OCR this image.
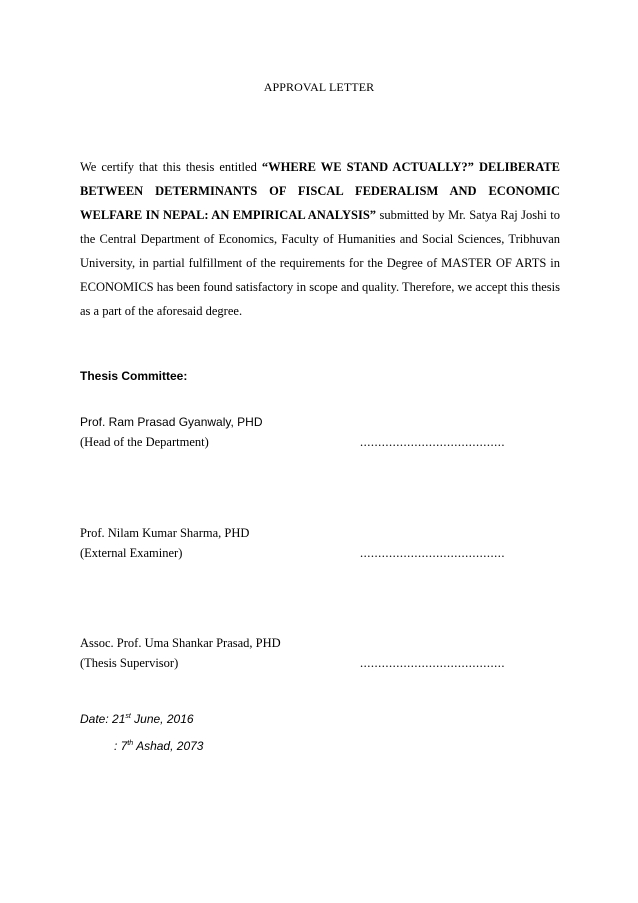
APPROVAL LETTER
We certify that this thesis entitled “WHERE WE STAND ACTUALLY?” DELIBERATE BETWEEN DETERMINANTS OF FISCAL FEDERALISM AND ECONOMIC WELFARE IN NEPAL: AN EMPIRICAL ANALYSIS” submitted by Mr. Satya Raj Joshi to the Central Department of Economics, Faculty of Humanities and Social Sciences, Tribhuvan University, in partial fulfillment of the requirements for the Degree of MASTER OF ARTS in ECONOMICS has been found satisfactory in scope and quality. Therefore, we accept this thesis as a part of the aforesaid degree.
Thesis Committee:
Prof. Ram Prasad Gyanwaly, PHD
(Head of the Department)	........................................
Prof. Nilam Kumar Sharma, PHD
(External Examiner)	........................................
Assoc. Prof. Uma Shankar Prasad, PHD
(Thesis Supervisor)	........................................
Date: 21st June, 2016
: 7th Ashad, 2073
